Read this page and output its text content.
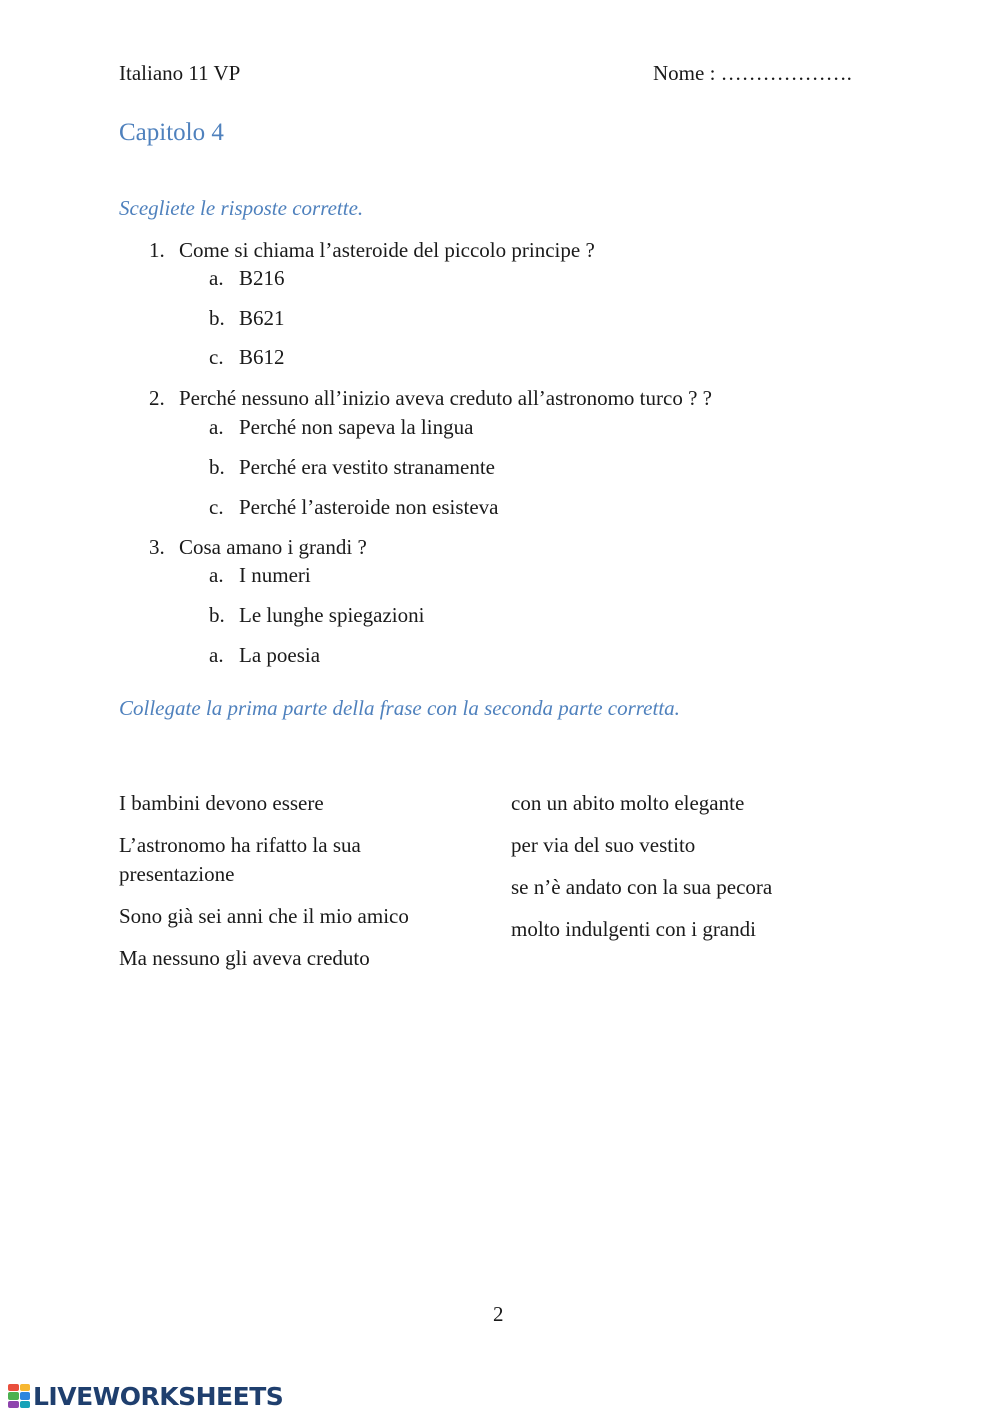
Italiano 11 VP	Nome : ……………….
Capitolo 4
Scegliete le risposte corrette.
1. Come si chiama l’asteroide del piccolo principe ?
a. B216
b. B621
c. B612
2. Perché nessuno all’inizio aveva creduto all’astronomo turco ? ?
a. Perché non sapeva la lingua
b. Perché era vestito stranamente
c. Perché l’asteroide non esisteva
3. Cosa amano i grandi ?
a. I numeri
b. Le lunghe spiegazioni
a. La poesia
Collegate la prima parte della frase con la seconda parte corretta.
I bambini devono essere
L’astronomo ha rifatto la sua
presentazione
Sono già sei anni che il mio amico
Ma nessuno gli aveva creduto
con un abito molto elegante
per via del suo vestito
se n’è andato con la sua pecora
molto indulgenti con i grandi
2
LIVEWORKSHEETS
